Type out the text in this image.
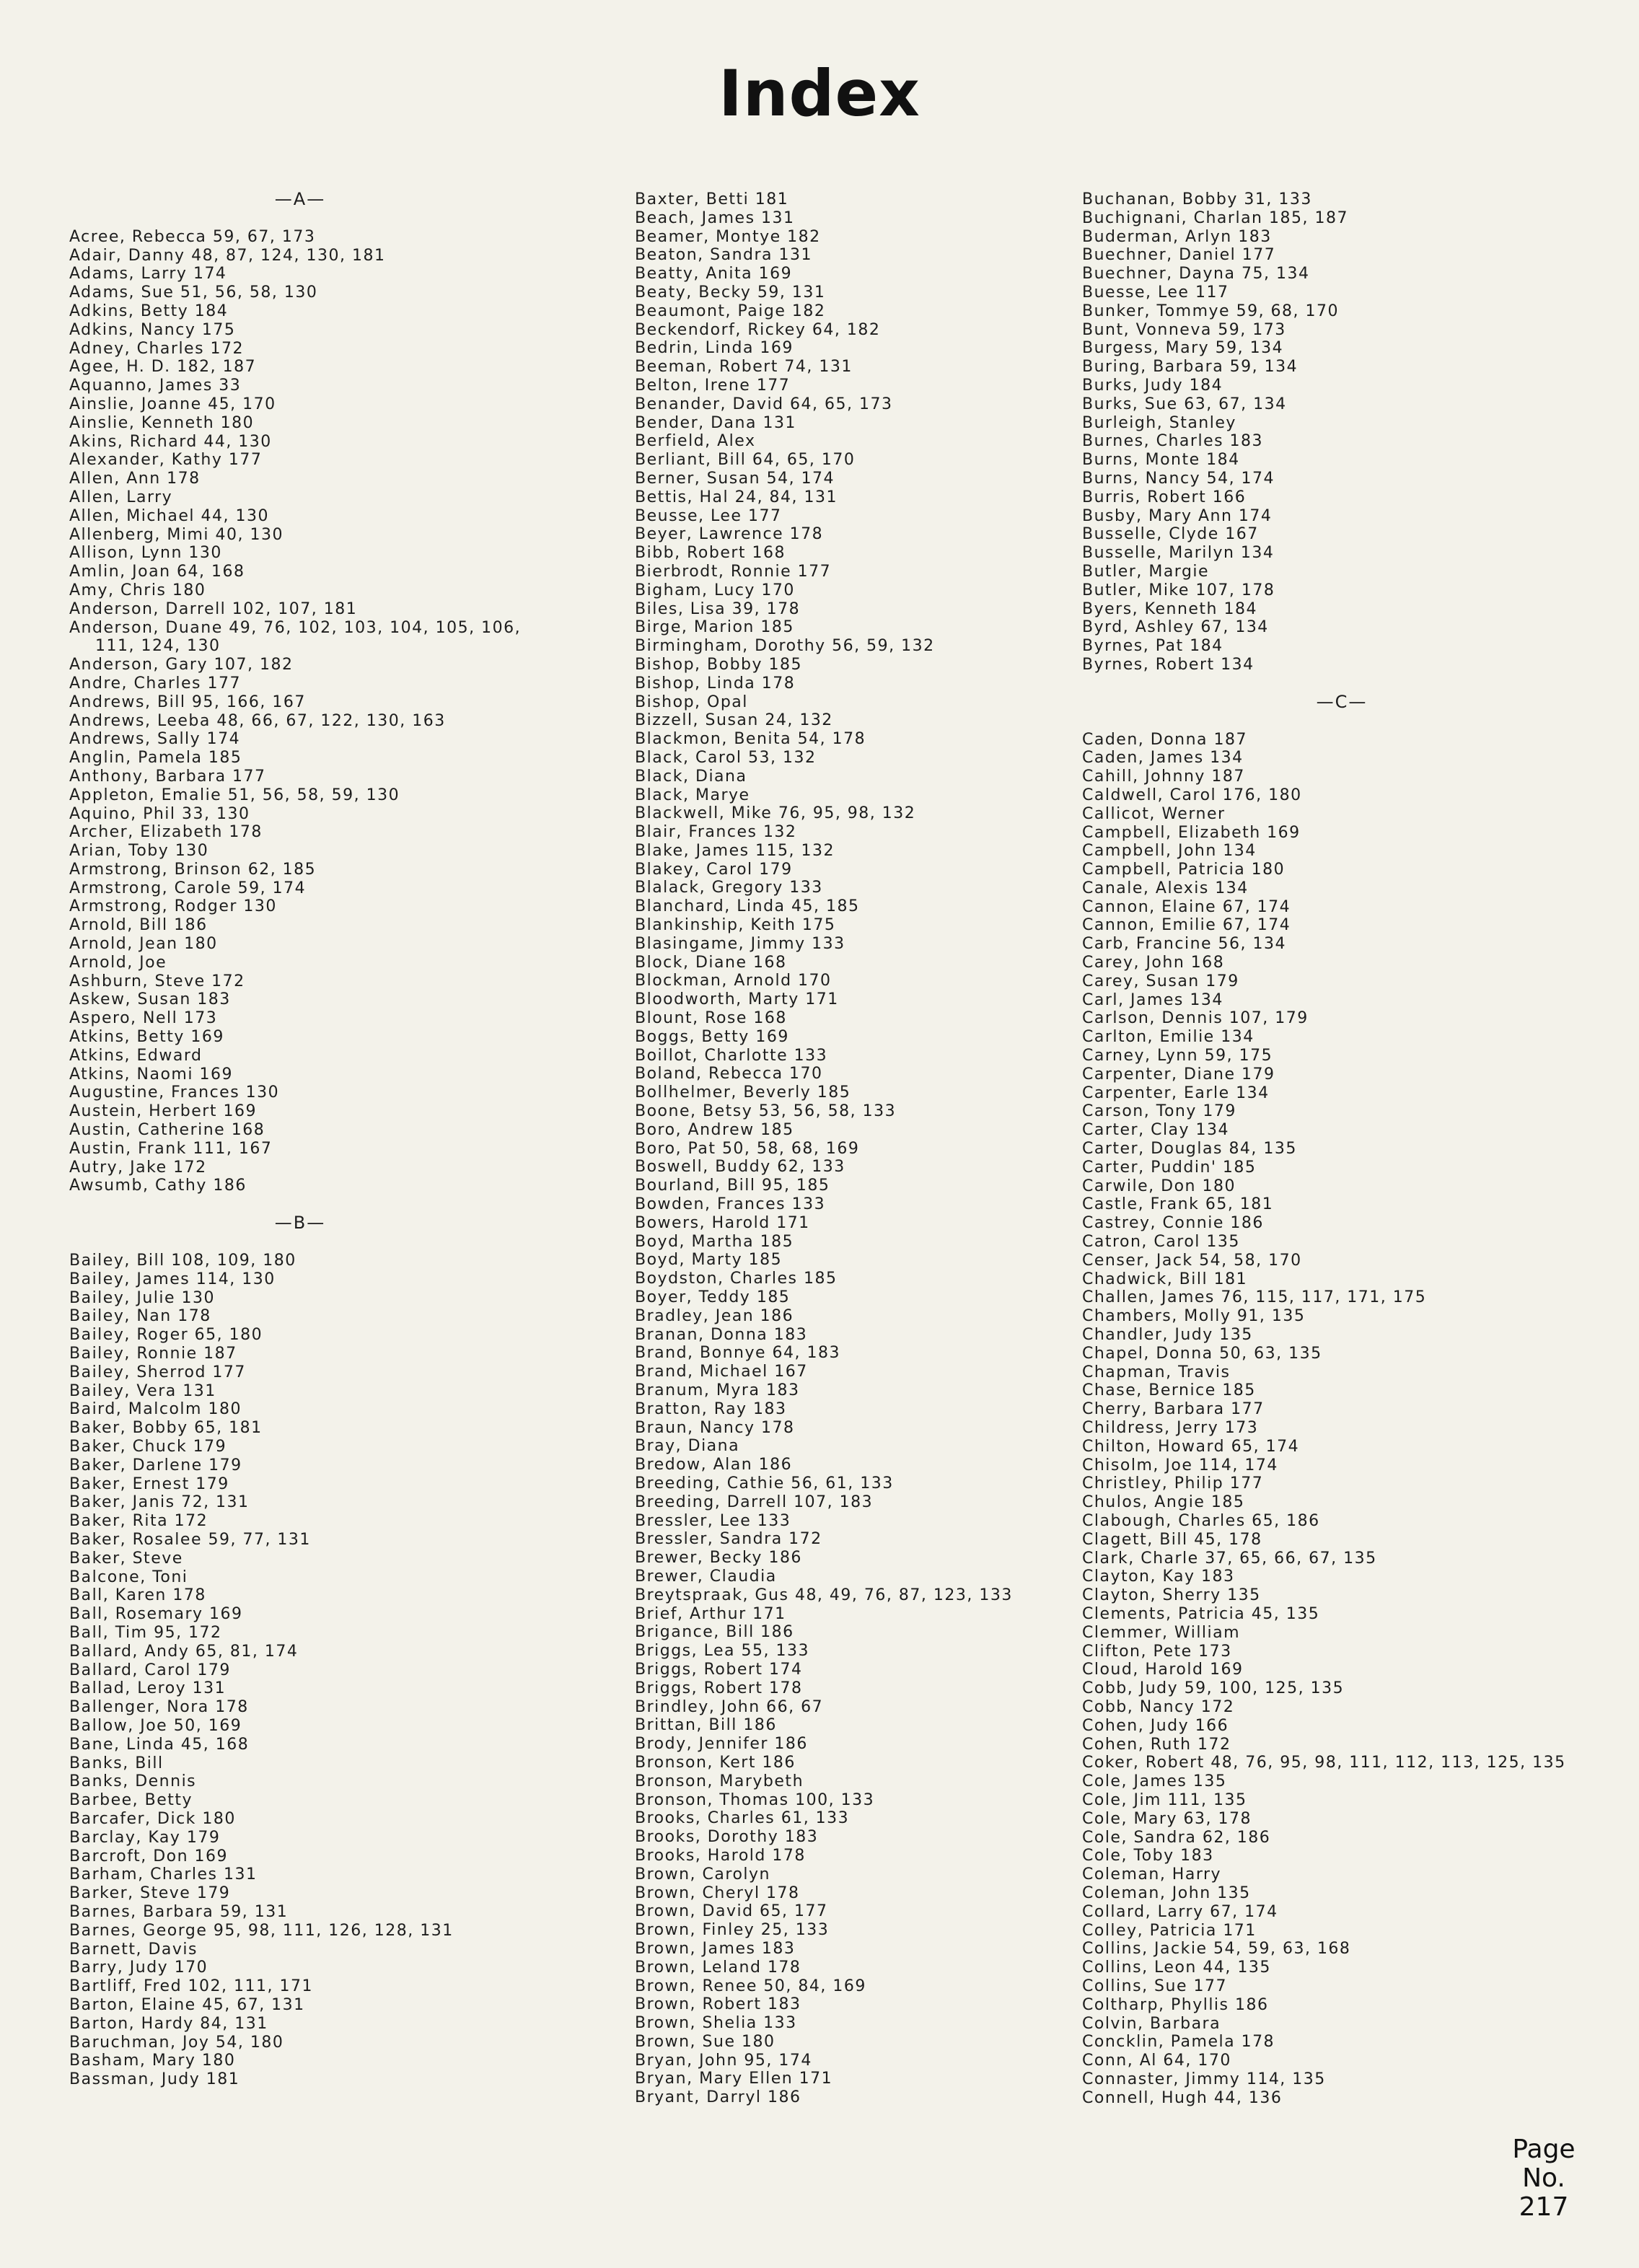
Index
—A—
Acree, Rebecca 59, 67, 173
Adair, Danny 48, 87, 124, 130, 181
Adams, Larry 174
Adams, Sue 51, 56, 58, 130
Adkins, Betty 184
Adkins, Nancy 175
Adney, Charles 172
Agee, H. D. 182, 187
Aquanno, James 33
Ainslie, Joanne 45, 170
Ainslie, Kenneth 180
Akins, Richard 44, 130
Alexander, Kathy 177
Allen, Ann 178
Allen, Larry
Allen, Michael 44, 130
Allenberg, Mimi 40, 130
Allison, Lynn 130
Amlin, Joan 64, 168
Amy, Chris 180
Anderson, Darrell 102, 107, 181
Anderson, Duane 49, 76, 102, 103, 104, 105, 106,
111, 124, 130
Anderson, Gary 107, 182
Andre, Charles 177
Andrews, Bill 95, 166, 167
Andrews, Leeba 48, 66, 67, 122, 130, 163
Andrews, Sally 174
Anglin, Pamela 185
Anthony, Barbara 177
Appleton, Emalie 51, 56, 58, 59, 130
Aquino, Phil 33, 130
Archer, Elizabeth 178
Arian, Toby 130
Armstrong, Brinson 62, 185
Armstrong, Carole 59, 174
Armstrong, Rodger 130
Arnold, Bill 186
Arnold, Jean 180
Arnold, Joe
Ashburn, Steve 172
Askew, Susan 183
Aspero, Nell 173
Atkins, Betty 169
Atkins, Edward
Atkins, Naomi 169
Augustine, Frances 130
Austein, Herbert 169
Austin, Catherine 168
Austin, Frank 111, 167
Autry, Jake 172
Awsumb, Cathy 186
—B—
Bailey, Bill 108, 109, 180
Bailey, James 114, 130
Bailey, Julie 130
Bailey, Nan 178
Bailey, Roger 65, 180
Bailey, Ronnie 187
Bailey, Sherrod 177
Bailey, Vera 131
Baird, Malcolm 180
Baker, Bobby 65, 181
Baker, Chuck 179
Baker, Darlene 179
Baker, Ernest 179
Baker, Janis 72, 131
Baker, Rita 172
Baker, Rosalee 59, 77, 131
Baker, Steve
Balcone, Toni
Ball, Karen 178
Ball, Rosemary 169
Ball, Tim 95, 172
Ballard, Andy 65, 81, 174
Ballard, Carol 179
Ballad, Leroy 131
Ballenger, Nora 178
Ballow, Joe 50, 169
Bane, Linda 45, 168
Banks, Bill
Banks, Dennis
Barbee, Betty
Barcafer, Dick 180
Barclay, Kay 179
Barcroft, Don 169
Barham, Charles 131
Barker, Steve 179
Barnes, Barbara 59, 131
Barnes, George 95, 98, 111, 126, 128, 131
Barnett, Davis
Barry, Judy 170
Bartliff, Fred 102, 111, 171
Barton, Elaine 45, 67, 131
Barton, Hardy 84, 131
Baruchman, Joy 54, 180
Basham, Mary 180
Bassman, Judy 181
Baxter, Betti 181
Beach, James 131
Beamer, Montye 182
Beaton, Sandra 131
Beatty, Anita 169
Beaty, Becky 59, 131
Beaumont, Paige 182
Beckendorf, Rickey 64, 182
Bedrin, Linda 169
Beeman, Robert 74, 131
Belton, Irene 177
Benander, David 64, 65, 173
Bender, Dana 131
Berfield, Alex
Berliant, Bill 64, 65, 170
Berner, Susan 54, 174
Bettis, Hal 24, 84, 131
Beusse, Lee 177
Beyer, Lawrence 178
Bibb, Robert 168
Bierbrodt, Ronnie 177
Bigham, Lucy 170
Biles, Lisa 39, 178
Birge, Marion 185
Birmingham, Dorothy 56, 59, 132
Bishop, Bobby 185
Bishop, Linda 178
Bishop, Opal
Bizzell, Susan 24, 132
Blackmon, Benita 54, 178
Black, Carol 53, 132
Black, Diana
Black, Marye
Blackwell, Mike 76, 95, 98, 132
Blair, Frances 132
Blake, James 115, 132
Blakey, Carol 179
Blalack, Gregory 133
Blanchard, Linda 45, 185
Blankinship, Keith 175
Blasingame, Jimmy 133
Block, Diane 168
Blockman, Arnold 170
Bloodworth, Marty 171
Blount, Rose 168
Boggs, Betty 169
Boillot, Charlotte 133
Boland, Rebecca 170
Bollhelmer, Beverly 185
Boone, Betsy 53, 56, 58, 133
Boro, Andrew 185
Boro, Pat 50, 58, 68, 169
Boswell, Buddy 62, 133
Bourland, Bill 95, 185
Bowden, Frances 133
Bowers, Harold 171
Boyd, Martha 185
Boyd, Marty 185
Boydston, Charles 185
Boyer, Teddy 185
Bradley, Jean 186
Branan, Donna 183
Brand, Bonnye 64, 183
Brand, Michael 167
Branum, Myra 183
Bratton, Ray 183
Braun, Nancy 178
Bray, Diana
Bredow, Alan 186
Breeding, Cathie 56, 61, 133
Breeding, Darrell 107, 183
Bressler, Lee 133
Bressler, Sandra 172
Brewer, Becky 186
Brewer, Claudia
Breytspraak, Gus 48, 49, 76, 87, 123, 133
Brief, Arthur 171
Brigance, Bill 186
Briggs, Lea 55, 133
Briggs, Robert 174
Briggs, Robert 178
Brindley, John 66, 67
Brittan, Bill 186
Brody, Jennifer 186
Bronson, Kert 186
Bronson, Marybeth
Bronson, Thomas 100, 133
Brooks, Charles 61, 133
Brooks, Dorothy 183
Brooks, Harold 178
Brown, Carolyn
Brown, Cheryl 178
Brown, David 65, 177
Brown, Finley 25, 133
Brown, James 183
Brown, Leland 178
Brown, Renee 50, 84, 169
Brown, Robert 183
Brown, Shelia 133
Brown, Sue 180
Bryan, John 95, 174
Bryan, Mary Ellen 171
Bryant, Darryl 186
Buchanan, Bobby 31, 133
Buchignani, Charlan 185, 187
Buderman, Arlyn 183
Buechner, Daniel 177
Buechner, Dayna 75, 134
Buesse, Lee 117
Bunker, Tommye 59, 68, 170
Bunt, Vonneva 59, 173
Burgess, Mary 59, 134
Buring, Barbara 59, 134
Burks, Judy 184
Burks, Sue 63, 67, 134
Burleigh, Stanley
Burnes, Charles 183
Burns, Monte 184
Burns, Nancy 54, 174
Burris, Robert 166
Busby, Mary Ann 174
Busselle, Clyde 167
Busselle, Marilyn 134
Butler, Margie
Butler, Mike 107, 178
Byers, Kenneth 184
Byrd, Ashley 67, 134
Byrnes, Pat 184
Byrnes, Robert 134
—C—
Caden, Donna 187
Caden, James 134
Cahill, Johnny 187
Caldwell, Carol 176, 180
Callicot, Werner
Campbell, Elizabeth 169
Campbell, John 134
Campbell, Patricia 180
Canale, Alexis 134
Cannon, Elaine 67, 174
Cannon, Emilie 67, 174
Carb, Francine 56, 134
Carey, John 168
Carey, Susan 179
Carl, James 134
Carlson, Dennis 107, 179
Carlton, Emilie 134
Carney, Lynn 59, 175
Carpenter, Diane 179
Carpenter, Earle 134
Carson, Tony 179
Carter, Clay 134
Carter, Douglas 84, 135
Carter, Puddin' 185
Carwile, Don 180
Castle, Frank 65, 181
Castrey, Connie 186
Catron, Carol 135
Censer, Jack 54, 58, 170
Chadwick, Bill 181
Challen, James 76, 115, 117, 171, 175
Chambers, Molly 91, 135
Chandler, Judy 135
Chapel, Donna 50, 63, 135
Chapman, Travis
Chase, Bernice 185
Cherry, Barbara 177
Childress, Jerry 173
Chilton, Howard 65, 174
Chisolm, Joe 114, 174
Christley, Philip 177
Chulos, Angie 185
Clabough, Charles 65, 186
Clagett, Bill 45, 178
Clark, Charle 37, 65, 66, 67, 135
Clayton, Kay 183
Clayton, Sherry 135
Clements, Patricia 45, 135
Clemmer, William
Clifton, Pete 173
Cloud, Harold 169
Cobb, Judy 59, 100, 125, 135
Cobb, Nancy 172
Cohen, Judy 166
Cohen, Ruth 172
Coker, Robert 48, 76, 95, 98, 111, 112, 113, 125, 135
Cole, James 135
Cole, Jim 111, 135
Cole, Mary 63, 178
Cole, Sandra 62, 186
Cole, Toby 183
Coleman, Harry
Coleman, John 135
Collard, Larry 67, 174
Colley, Patricia 171
Collins, Jackie 54, 59, 63, 168
Collins, Leon 44, 135
Collins, Sue 177
Coltharp, Phyllis 186
Colvin, Barbara
Concklin, Pamela 178
Conn, Al 64, 170
Connaster, Jimmy 114, 135
Connell, Hugh 44, 136
Page
No.
217
